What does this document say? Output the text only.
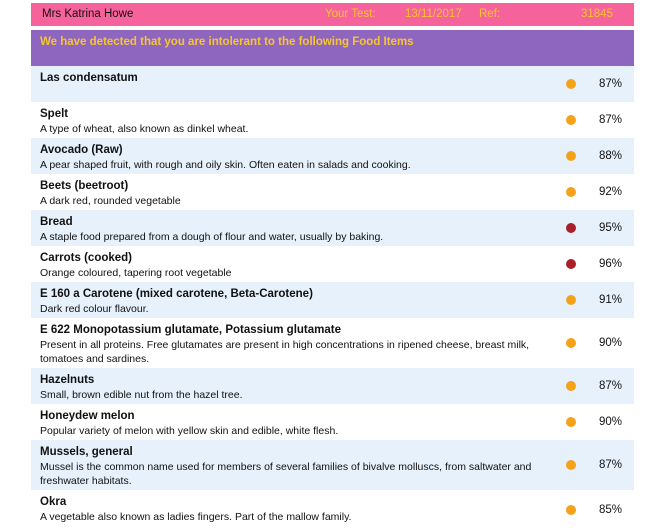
Mrs Katrina Howe	Your Test:	13/11/2017 Ref:	31845
We have detected that you are intolerant to the following Food Items
Las condensatum	87%
Spelt
A type of wheat, also known as dinkel wheat.
87%
Avocado (Raw)
A pear shaped fruit, with rough and oily skin. Often eaten in salads and cooking.
88%
Beets (beetroot)
A dark red, rounded vegetable
92%
Bread
A staple food prepared from a dough of flour and water, usually by baking.
95%
Carrots (cooked)
Orange coloured, tapering root vegetable
96%
E 160 a Carotene (mixed carotene, Beta-Carotene)
Dark red colour flavour.
91%
E 622 Monopotassium glutamate, Potassium glutamate
Present in all proteins. Free glutamates are present in high concentrations in ripened cheese, breast milk, tomatoes and sardines.
90%
Hazelnuts
Small, brown edible nut from the hazel tree.
87%
Honeydew melon
Popular variety of melon with yellow skin and edible, white flesh.
90%
Mussels, general
Mussel is the common name used for members of several families of bivalve molluscs, from saltwater and freshwater habitats.
87%
Okra
A vegetable also known as ladies fingers. Part of the mallow family.
85%
